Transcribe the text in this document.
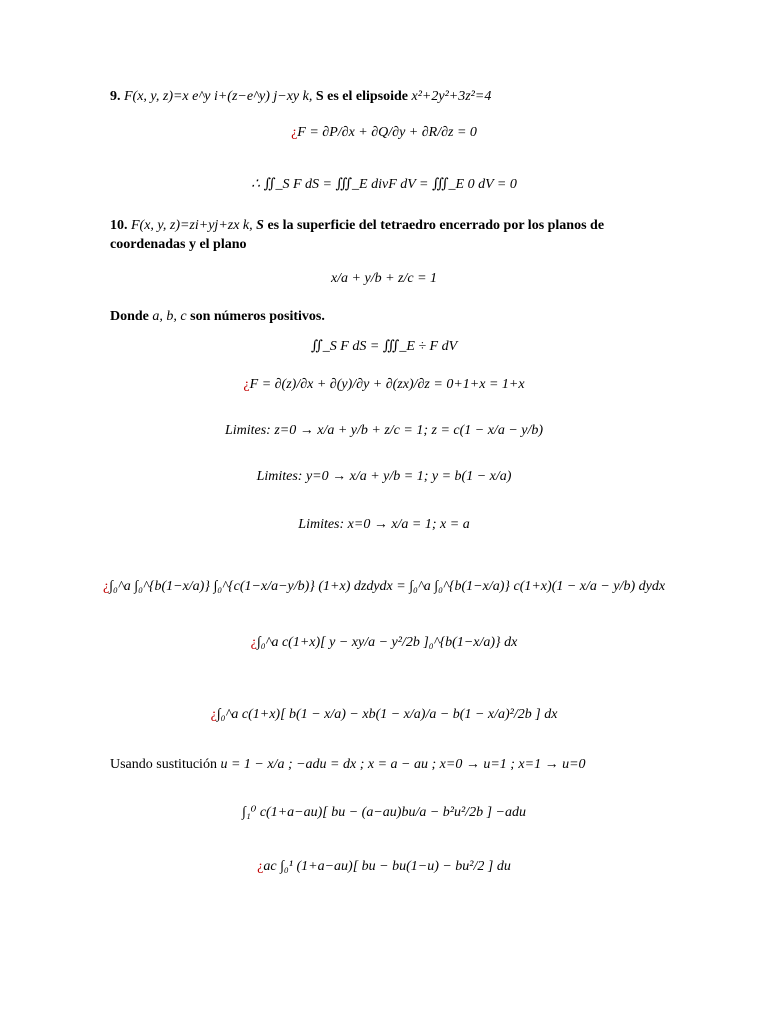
9. F(x, y, z)=x e^y i+(z−e^y) j−xy k, S es el elipsoide x²+2y²+3z²=4
¿F = ∂P/∂x + ∂Q/∂y + ∂R/∂z = 0
∴ ∬_S F dS = ∭_E divF dV = ∭_E 0 dV = 0
10. F(x, y, z)=zi+yj+zx k, S es la superficie del tetraedro encerrado por los planos de coordenadas y el plano
x/a + y/b + z/c = 1
Donde a, b, c son números positivos.
∬_S F dS = ∭_E ÷ F dV
¿F = ∂(z)/∂x + ∂(y)/∂y + ∂(zx)/∂z = 0+1+x = 1+x
Limites: z=0 → x/a + y/b + z/c = 1; z = c(1 − x/a − y/b)
Limites: y=0 → x/a + y/b = 1; y = b(1 − x/a)
Limites: x=0 → x/a = 1; x = a
¿∫₀^a ∫₀^{b(1−x/a)} ∫₀^{c(1−x/a−y/b)} (1+x) dzdydx = ∫₀^a ∫₀^{b(1−x/a)} c(1+x)(1 − x/a − y/b) dydx
¿∫₀^a c(1+x)[ y − xy/a − y²/2b ]₀^{b(1−x/a)} dx
¿∫₀^a c(1+x)[ b(1 − x/a) − xb(1 − x/a)/a − b(1 − x/a)²/2b ] dx
Usando sustitución u = 1 − x/a ; −adu = dx ; x = a − au ; x=0 → u=1 ; x=1 → u=0
∫₁⁰ c(1+a−au)[ bu − (a−au)bu/a − b²u²/2b ] −adu
¿ac ∫₀¹ (1+a−au)[ bu − bu(1−u) − bu²/2 ] du
